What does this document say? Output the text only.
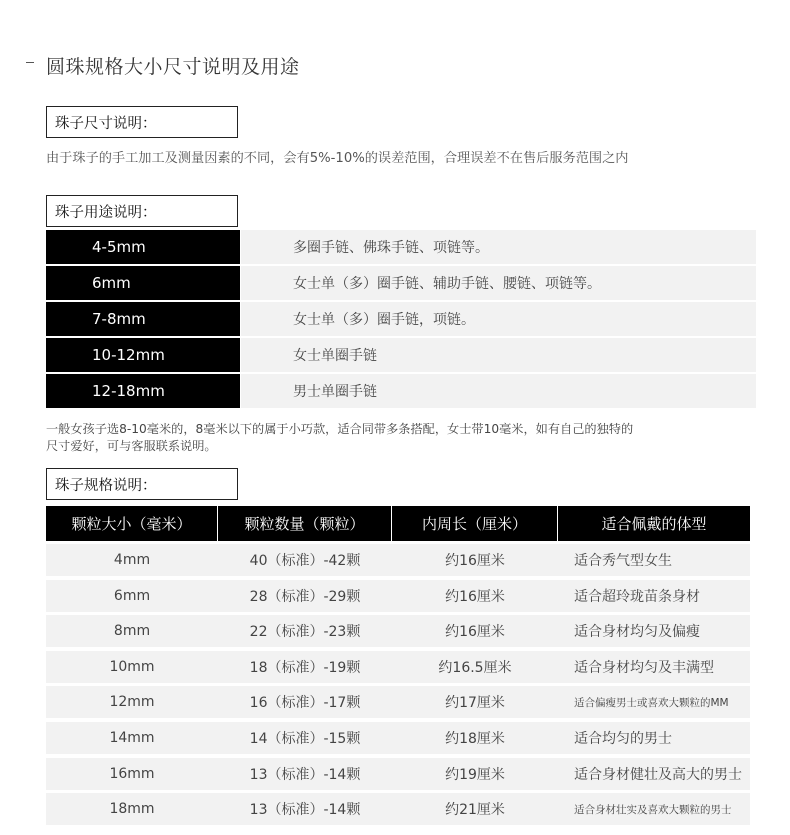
圆珠规格大小尺寸说明及用途
珠子尺寸说明：
由于珠子的手工加工及测量因素的不同，会有5%-10%的误差范围，合理误差不在售后服务范围之内
珠子用途说明：
4-5mm	多圈手链、佛珠手链、项链等。
6mm	女士单（多）圈手链、辅助手链、腰链、项链等。
7-8mm	女士单（多）圈手链，项链。
10-12mm	女士单圈手链
12-18mm	男士单圈手链
一般女孩子选8-10毫米的，8毫米以下的属于小巧款，适合同带多条搭配，女士带10毫米，如有自己的独特的
尺寸爱好，可与客服联系说明。
珠子规格说明：
颗粒大小（毫米）	颗粒数量（颗粒）	内周长（厘米）	适合佩戴的体型
4mm	40（标准）-42颗	约16厘米	适合秀气型女生
6mm	28（标准）-29颗	约16厘米	适合超玲珑苗条身材
8mm	22（标准）-23颗	约16厘米	适合身材均匀及偏瘦
10mm	18（标准）-19颗	约16.5厘米	适合身材均匀及丰满型
12mm	16（标准）-17颗	约17厘米	适合偏瘦男士或喜欢大颗粒的MM
14mm	14（标准）-15颗	约18厘米	适合均匀的男士
16mm	13（标准）-14颗	约19厘米	适合身材健壮及高大的男士
18mm	13（标准）-14颗	约21厘米	适合身材壮实及喜欢大颗粒的男士
